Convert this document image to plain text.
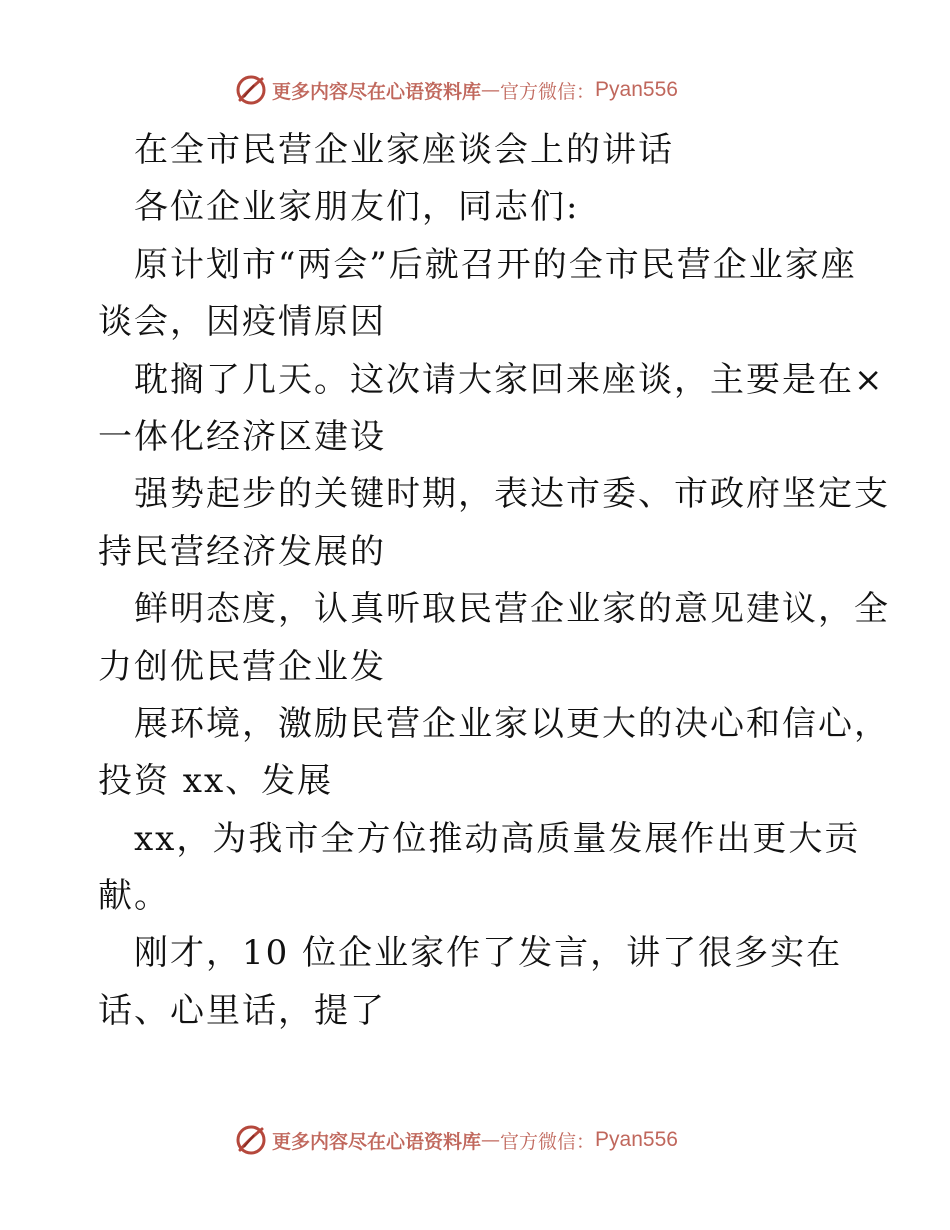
更多内容尽在心语资料库 — 官方微信： Pyan556
在全市民营企业家座谈会上的讲话
各位企业家朋友们，同志们:
原计划市“两会”后就召开的全市民营企业家座
谈会，因疫情原因
耽搁了几天。这次请大家回来座谈，主要是在×
一体化经济区建设
强势起步的关键时期，表达市委、市政府坚定支
持民营经济发展的
鲜明态度，认真听取民营企业家的意见建议，全
力创优民营企业发
展环境，激励民营企业家以更大的决心和信心，
投资 xx、发展
xx，为我市全方位推动高质量发展作出更大贡
献。
刚才，10 位企业家作了发言，讲了很多实在
话、心里话，提了
更多内容尽在心语资料库 — 官方微信： Pyan556
